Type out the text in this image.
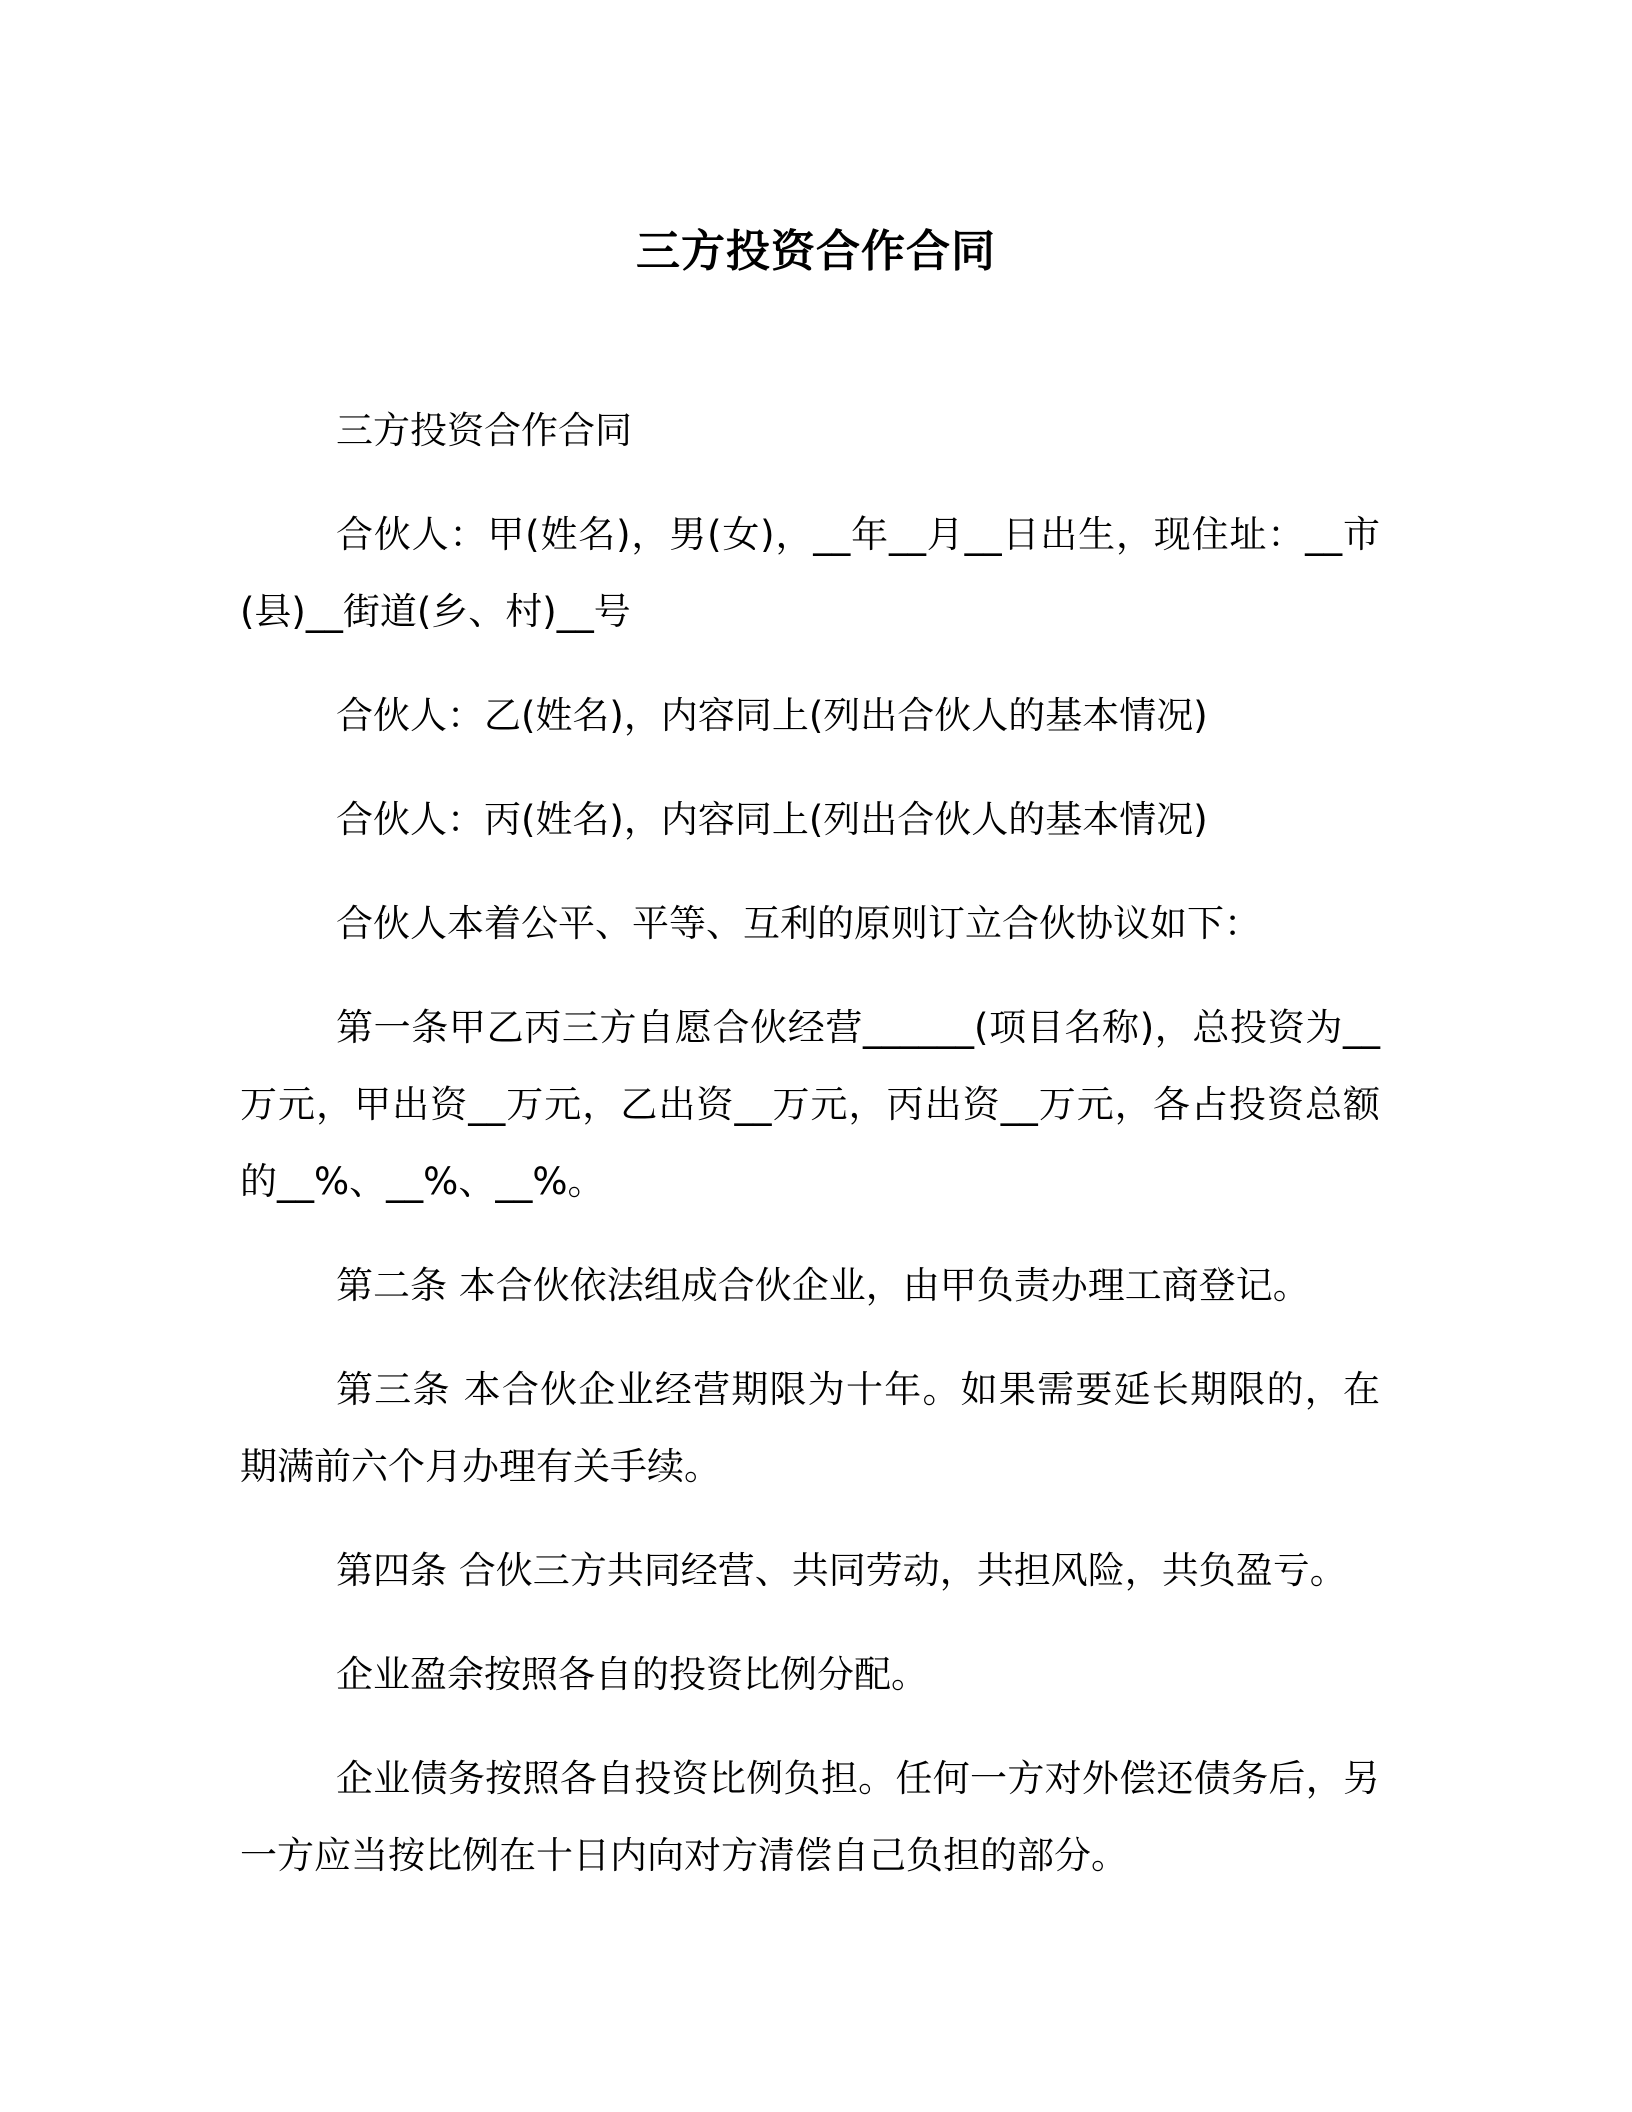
三方投资合作合同

三方投资合作合同

合伙人：甲(姓名)，男(女)，__年__月__日出生，现住址：__市(县)__街道(乡、村)__号

合伙人：乙(姓名)，内容同上(列出合伙人的基本情况)

合伙人：丙(姓名)，内容同上(列出合伙人的基本情况)

合伙人本着公平、平等、互利的原则订立合伙协议如下：

第一条甲乙丙三方自愿合伙经营______(项目名称)，总投资为__万元，甲出资__万元，乙出资__万元，丙出资__万元，各占投资总额的__%、__%、__%。

第二条 本合伙依法组成合伙企业，由甲负责办理工商登记。

第三条 本合伙企业经营期限为十年。如果需要延长期限的，在期满前六个月办理有关手续。

第四条 合伙三方共同经营、共同劳动，共担风险，共负盈亏。

企业盈余按照各自的投资比例分配。

企业债务按照各自投资比例负担。任何一方对外偿还债务后，另一方应当按比例在十日内向对方清偿自己负担的部分。
